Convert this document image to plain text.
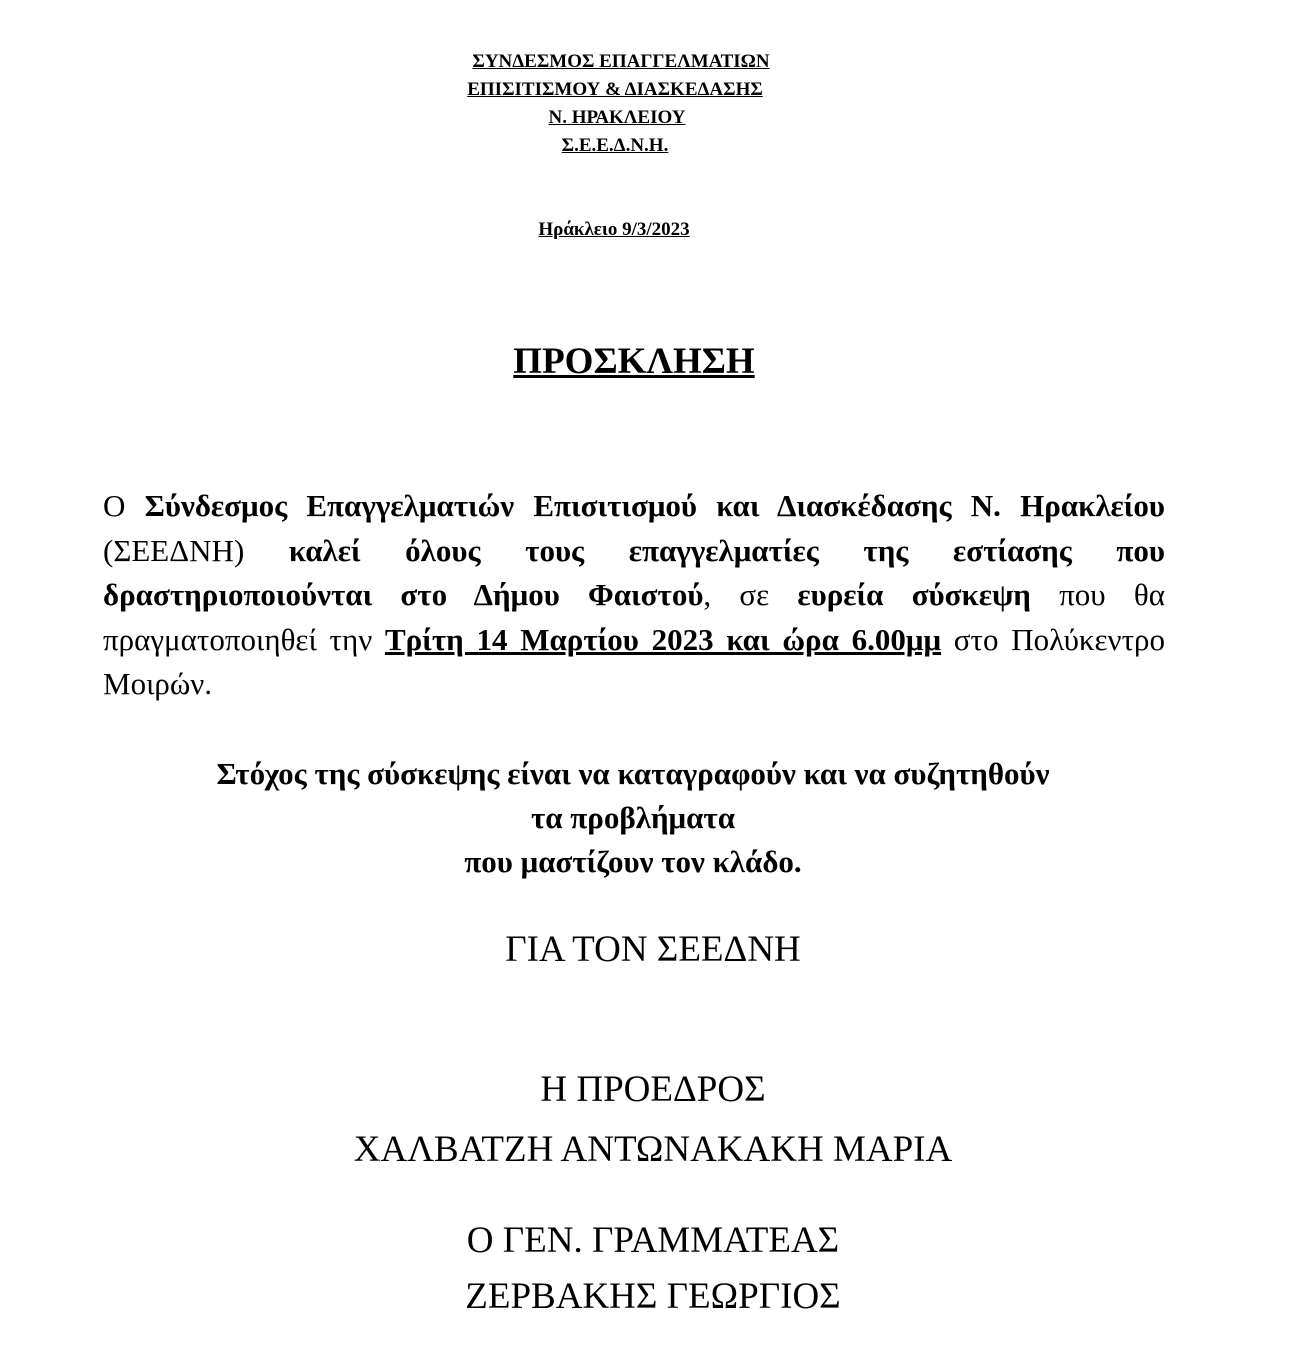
ΣΥΝΔΕΣΜΟΣ ΕΠΑΓΓΕΛΜΑΤΙΩΝ
ΕΠΙΣΙΤΙΣΜΟΥ & ΔΙΑΣΚΕΔΑΣΗΣ
Ν. ΗΡΑΚΛΕΙΟΥ
Σ.Ε.Ε.Δ.Ν.Η.
Ηράκλειο 9/3/2023
ΠΡΟΣΚΛΗΣΗ
Ο Σύνδεσμος Επαγγελματιών Επισιτισμού και Διασκέδασης Ν. Ηρακλείου (ΣΕΕΔΝΗ) καλεί όλους τους επαγγελματίες της εστίασης που δραστηριοποιούνται στο Δήμου Φαιστού, σε ευρεία σύσκεψη που θα πραγματοποιηθεί την Τρίτη 14 Μαρτίου 2023 και ώρα 6.00μμ στο Πολύκεντρο Μοιρών.
Στόχος της σύσκεψης είναι να καταγραφούν και να συζητηθούν
τα προβλήματα
που μαστίζουν τον κλάδο.
ΓΙΑ ΤΟΝ ΣΕΕΔΝΗ
Η ΠΡΟΕΔΡΟΣ
ΧΑΛΒΑΤΖΗ ΑΝΤΩΝΑΚΑΚΗ ΜΑΡΙΑ
Ο ΓΕΝ. ΓΡΑΜΜΑΤΕΑΣ
ΖΕΡΒΑΚΗΣ ΓΕΩΡΓΙΟΣ
